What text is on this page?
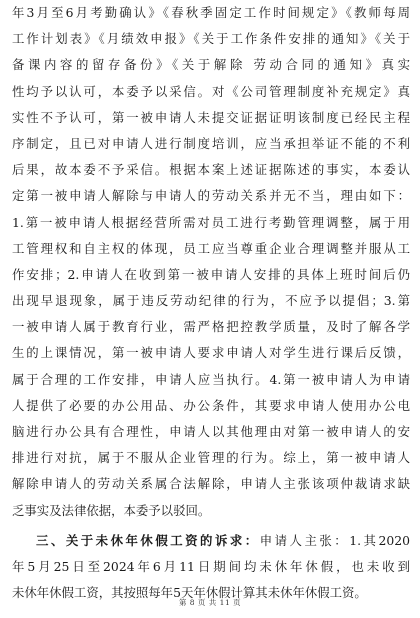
年3月至6月考勤确认》《春秋季固定工作时间规定》《教师每周
工作计划表》《月绩效申报》《关于工作条件安排的通知》《关于
备课内容的留存备份》《关于解除 劳动合同的通知》真实
性均予以认可，本委予以采信。对《公司管理制度补充规定》真
实性不予认可，第一被申请人未提交证据证明该制度已经民主程
序制定，且已对申请人进行制度培训，应当承担举证不能的不利
后果，故本委不予采信。根据本案上述证据陈述的事实，本委认
定第一被申请人解除与申请人的劳动关系并无不当，理由如下：
1.第一被申请人根据经营所需对员工进行考勤管理调整，属于用
工管理权和自主权的体现，员工应当尊重企业合理调整并服从工
作安排；2.申请人在收到第一被申请人安排的具体上班时间后仍
出现早退现象，属于违反劳动纪律的行为，不应予以提倡；3.第
一被申请人属于教育行业，需严格把控教学质量，及时了解各学
生的上课情况，第一被申请人要求申请人对学生进行课后反馈，
属于合理的工作安排，申请人应当执行。4.第一被申请人为申请
人提供了必要的办公用品、办公条件，其要求申请人使用办公电
脑进行办公具有合理性，申请人以其他理由对第一被申请人的安
排进行对抗，属于不服从企业管理的行为。综上，第一被申请人
解除申请人的劳动关系属合法解除，申请人主张该项仲裁请求缺
乏事实及法律依据，本委予以驳回。
三、关于未休年休假工资的诉求：申请人主张：1.其2020
年5月25日至2024年6月11日期间均未休年休假，也未收到
未休年休假工资，其按照每年5天年休假计算其未休年休假工资。
第 8 页 共 11 页
